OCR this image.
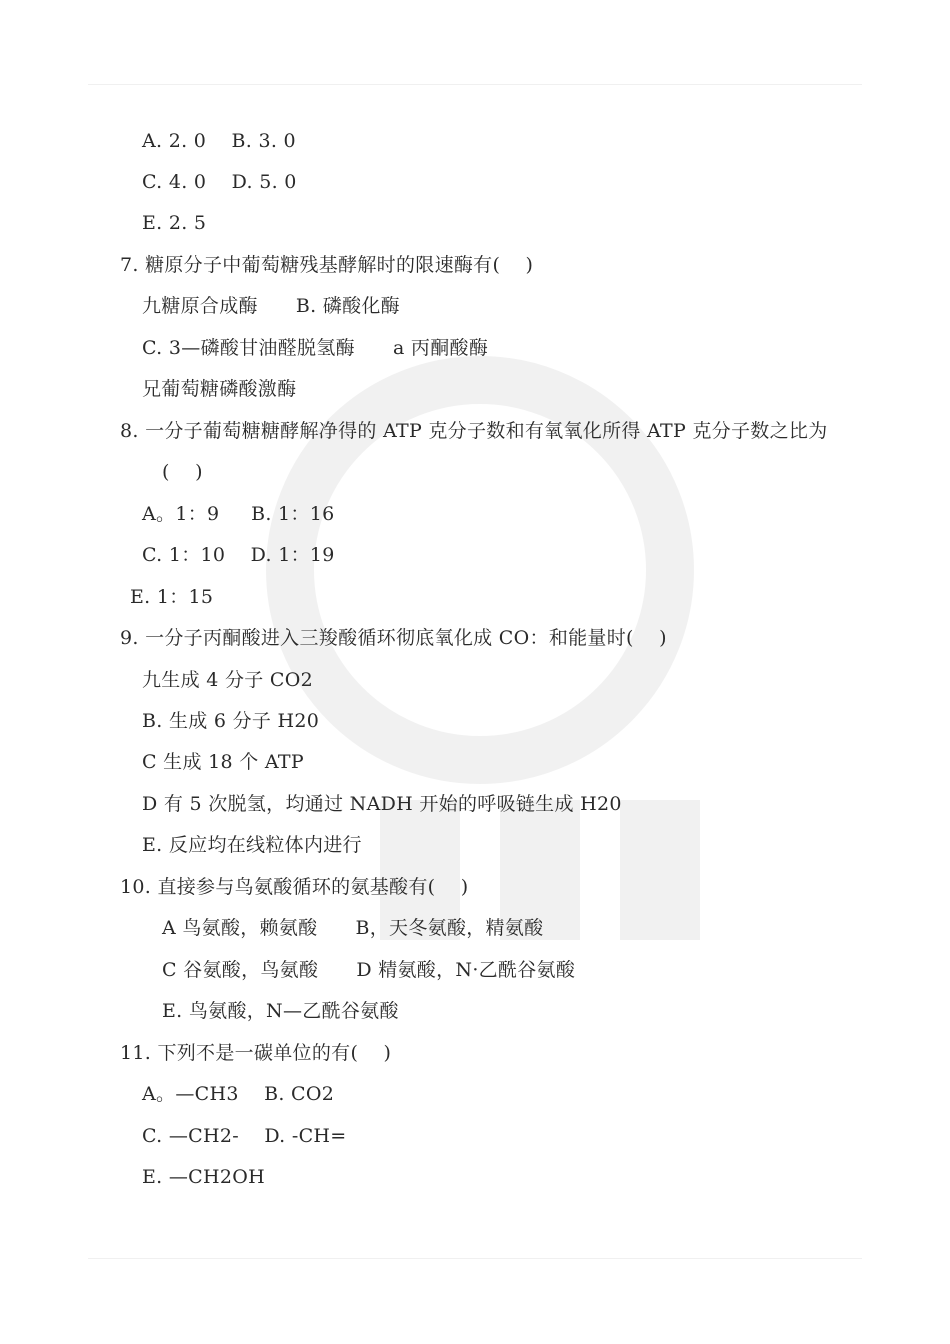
A. 2. 0    B. 3. 0
C. 4. 0    D. 5. 0
E. 2. 5
7. 糖原分子中葡萄糖残基酵解时的限速酶有(    )
九糖原合成酶      B. 磷酸化酶
C. 3—磷酸甘油醛脱氢酶      a 丙酮酸酶
兄葡萄糖磷酸激酶
8. 一分子葡萄糖糖酵解净得的 ATP 克分子数和有氧氧化所得 ATP 克分子数之比为
(    )
A。1：9     B. 1：16
C. 1：10    D. 1：19
E. 1：15
9. 一分子丙酮酸进入三羧酸循环彻底氧化成 CO：和能量时(    )
九生成 4 分子 CO2
B. 生成 6 分子 H20
C 生成 18 个 ATP
D 有 5 次脱氢，均通过 NADH 开始的呼吸链生成 H20
E. 反应均在线粒体内进行
10. 直接参与鸟氨酸循环的氨基酸有(    )
A 鸟氨酸，赖氨酸      B，天冬氨酸，精氨酸
C 谷氨酸，鸟氨酸      D 精氨酸，N·乙酰谷氨酸
E. 鸟氨酸，N—乙酰谷氨酸
11. 下列不是一碳单位的有(    )
A。—CH3    B. CO2
C. —CH2-    D. -CH=
E. —CH2OH
